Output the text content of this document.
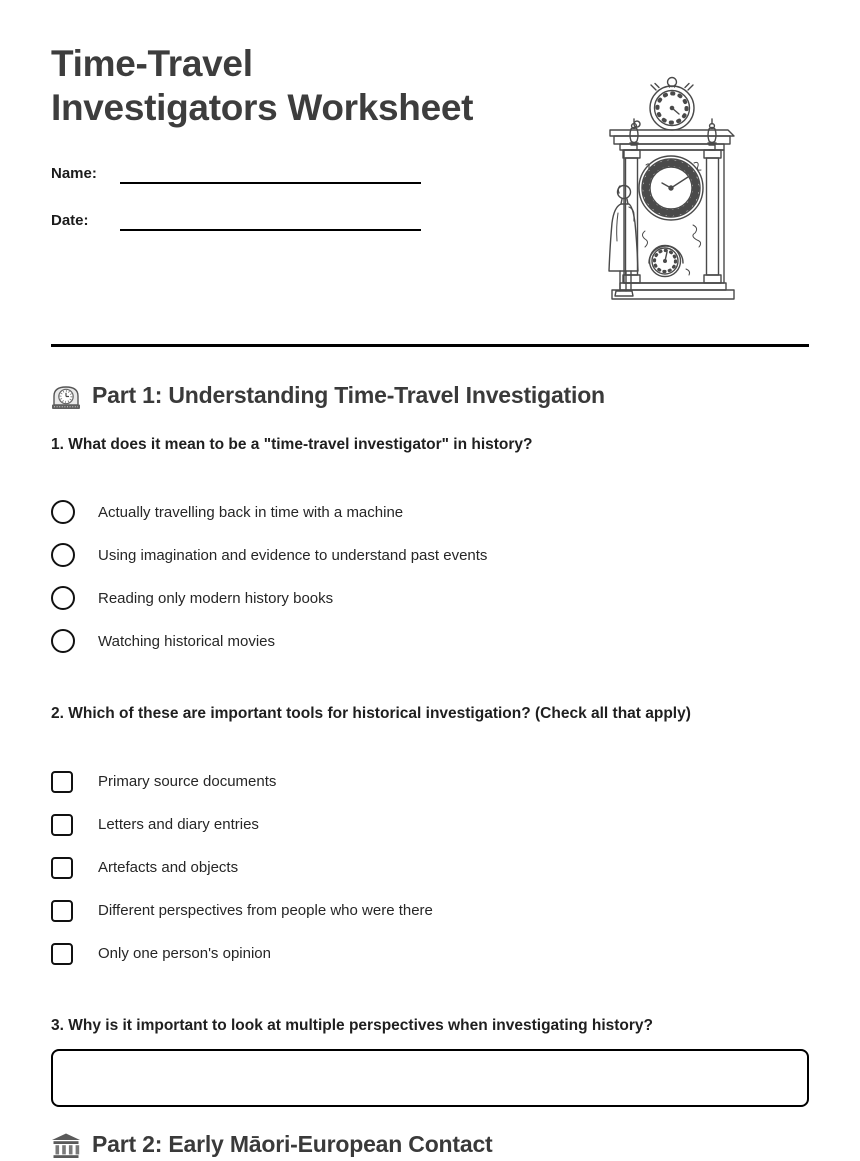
Time-Travel
Investigators Worksheet
Name:
Date:
Part 1: Understanding Time-Travel Investigation
1. What does it mean to be a "time-travel investigator" in history?
Actually travelling back in time with a machine
Using imagination and evidence to understand past events
Reading only modern history books
Watching historical movies
2. Which of these are important tools for historical investigation? (Check all that apply)
Primary source documents
Letters and diary entries
Artefacts and objects
Different perspectives from people who were there
Only one person's opinion
3. Why is it important to look at multiple perspectives when investigating history?
Part 2: Early Māori-European Contact
